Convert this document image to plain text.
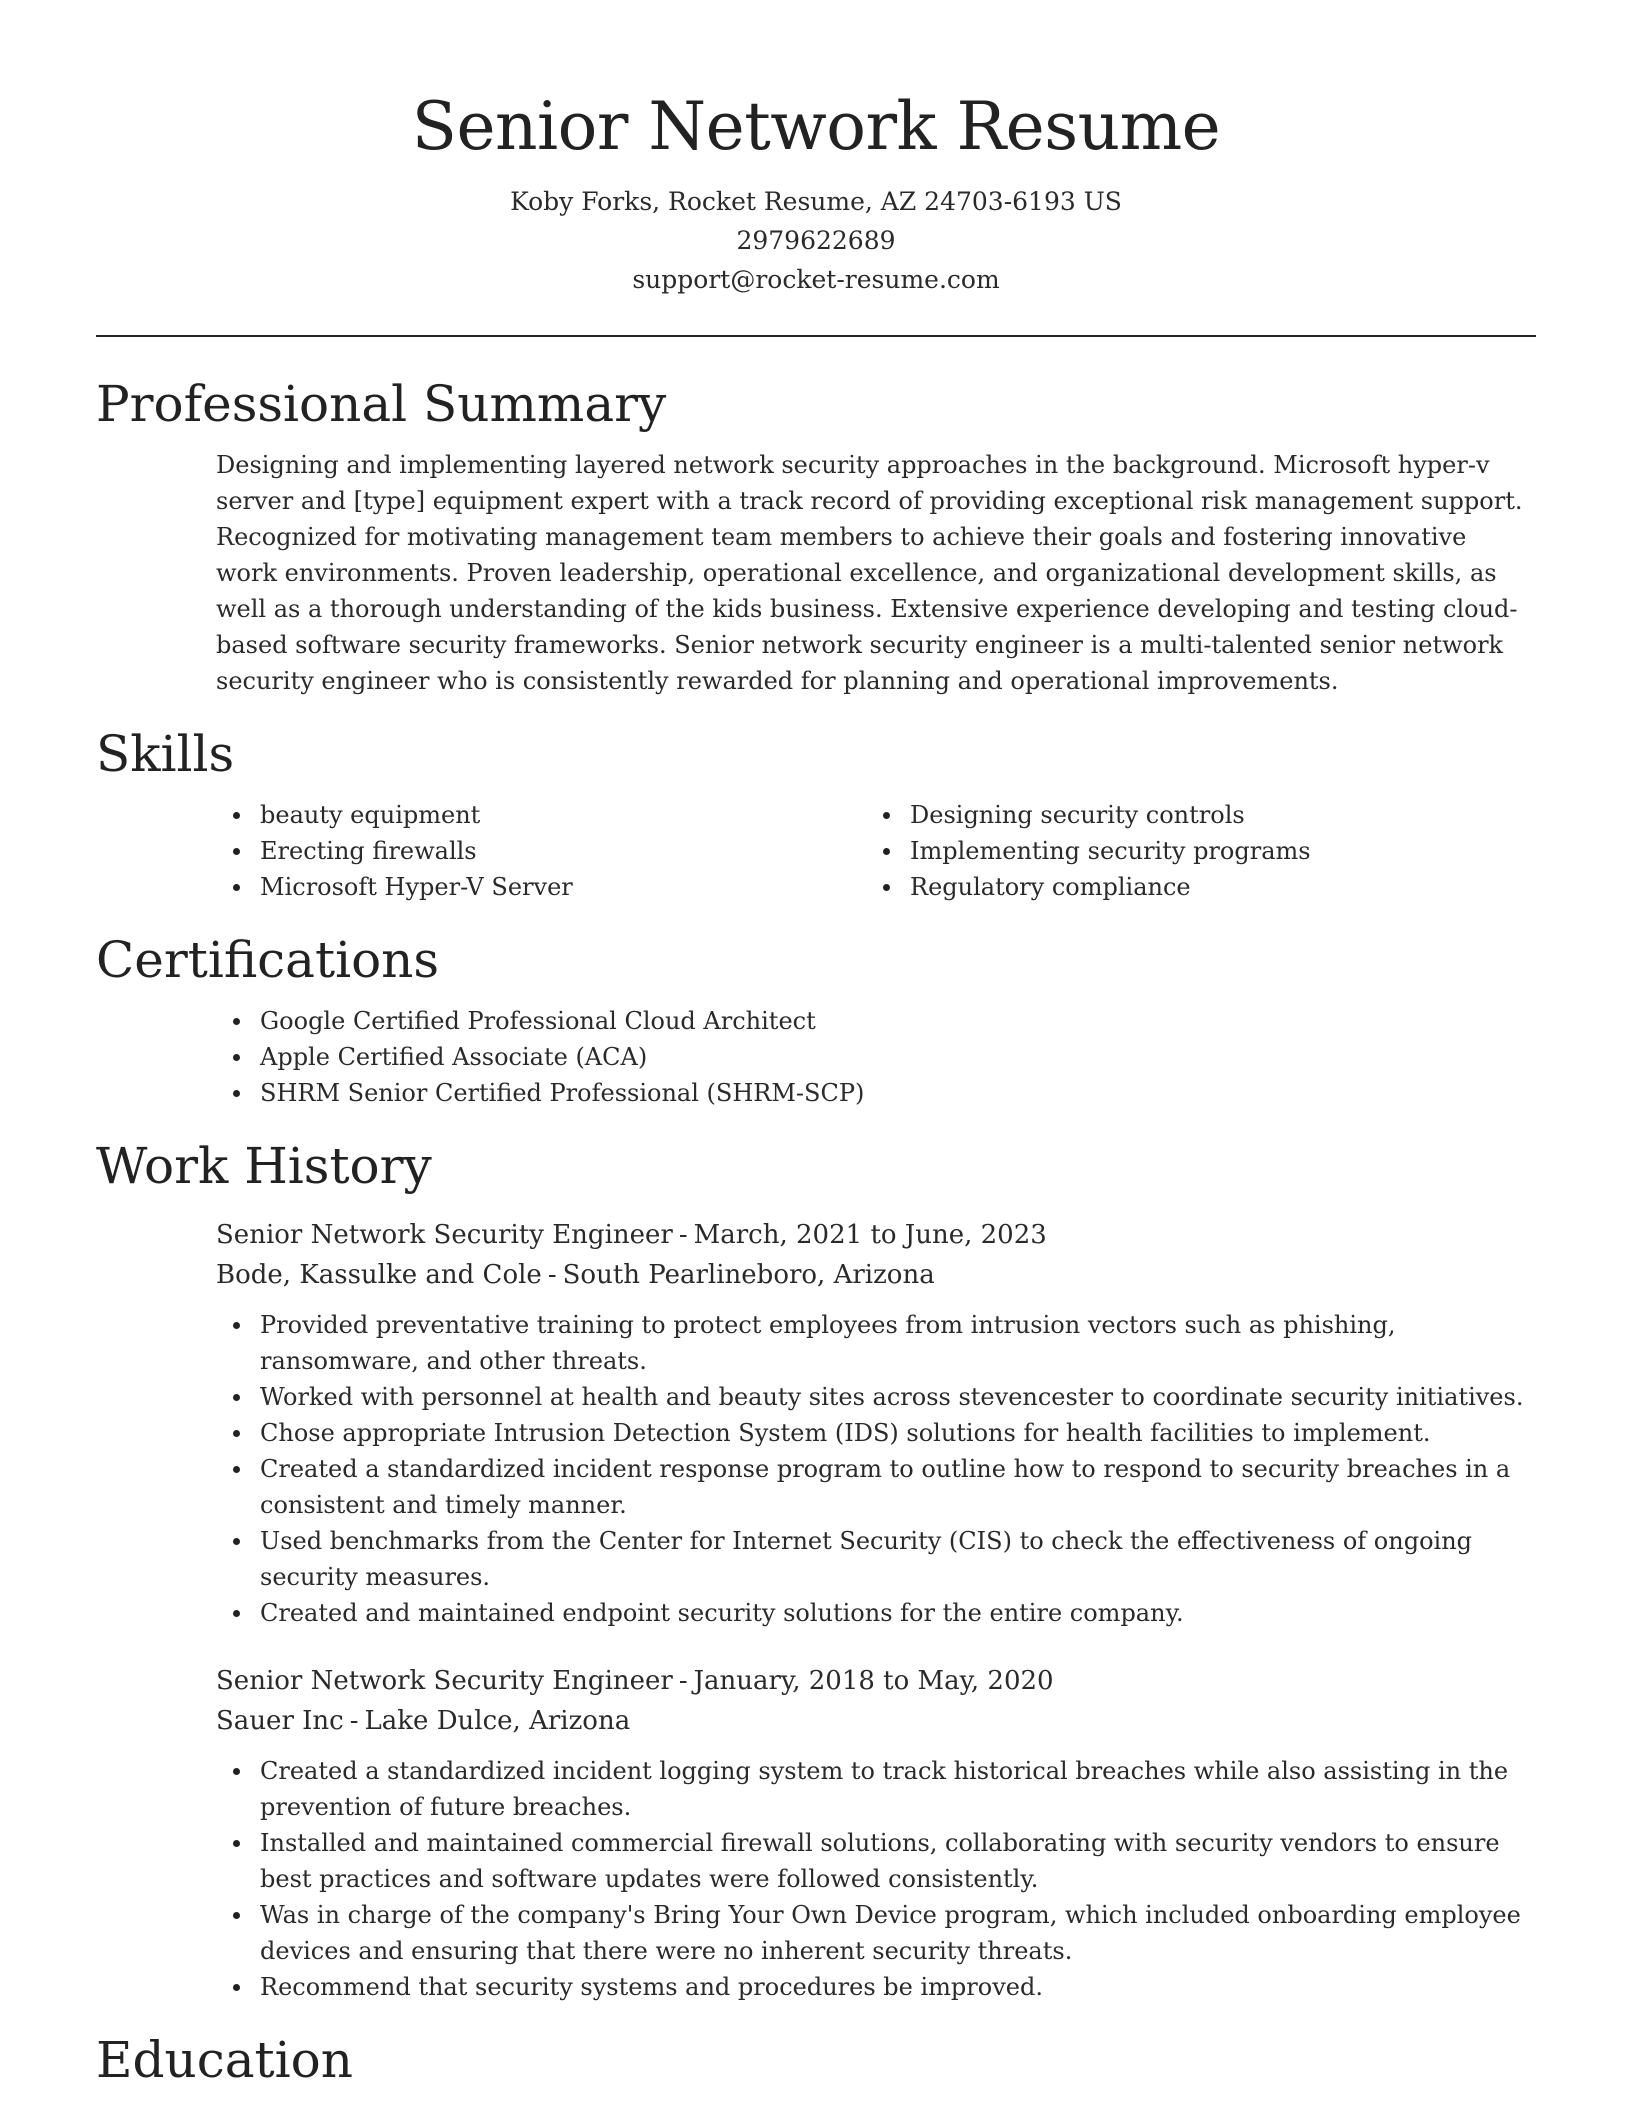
Senior Network Resume
Koby Forks, Rocket Resume, AZ 24703-6193 US
2979622689
support@rocket-resume.com
Professional Summary

Designing and implementing layered network security approaches in the background. Microsoft hyper-v server and [type] equipment expert with a track record of providing exceptional risk management support. Recognized for motivating management team members to achieve their goals and fostering innovative work environments. Proven leadership, operational excellence, and organizational development skills, as well as a thorough understanding of the kids business. Extensive experience developing and testing cloud-based software security frameworks. Senior network security engineer is a multi-talented senior network security engineer who is consistently rewarded for planning and operational improvements.

Skills
beauty equipment
Erecting firewalls
Microsoft Hyper-V Server
Designing security controls
Implementing security programs
Regulatory compliance
Certifications
Google Certified Professional Cloud Architect
Apple Certified Associate (ACA)
SHRM Senior Certified Professional (SHRM-SCP)
Work History
Senior Network Security Engineer - March, 2021 to June, 2023
Bode, Kassulke and Cole - South Pearlineboro, Arizona
Provided preventative training to protect employees from intrusion vectors such as phishing, ransomware, and other threats.
Worked with personnel at health and beauty sites across stevencester to coordinate security initiatives.
Chose appropriate Intrusion Detection System (IDS) solutions for health facilities to implement.
Created a standardized incident response program to outline how to respond to security breaches in a consistent and timely manner.
Used benchmarks from the Center for Internet Security (CIS) to check the effectiveness of ongoing security measures.
Created and maintained endpoint security solutions for the entire company.
Senior Network Security Engineer - January, 2018 to May, 2020
Sauer Inc - Lake Dulce, Arizona
Created a standardized incident logging system to track historical breaches while also assisting in the prevention of future breaches.
Installed and maintained commercial firewall solutions, collaborating with security vendors to ensure best practices and software updates were followed consistently.
Was in charge of the company's Bring Your Own Device program, which included onboarding employee devices and ensuring that there were no inherent security threats.
Recommend that security systems and procedures be improved.
Education
